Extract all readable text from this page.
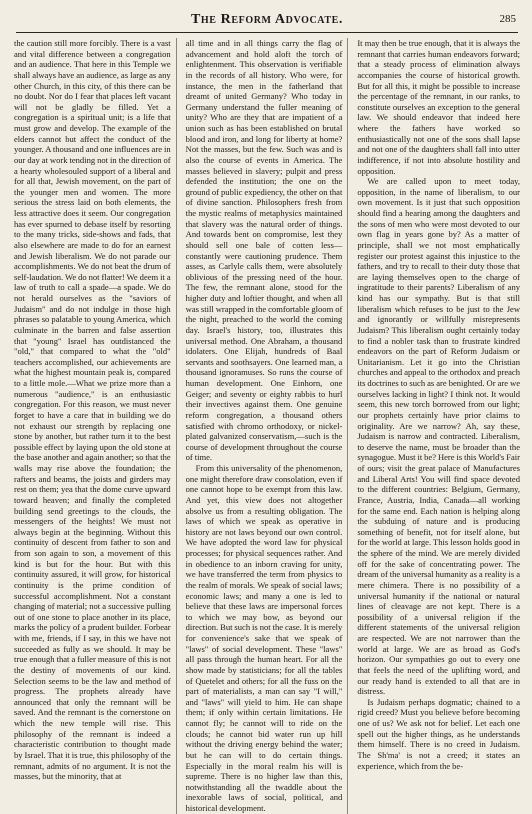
The Reform Advocate.	285

the caution still more forcibly. There is a vast and vital difference between a congregation and an audience. That here in this Temple we shall always have an audience, as large as any other Church, in this city, of this there can be no doubt. Nor do I fear that places left vacant will not be gladly be filled. Yet a congregation is a spiritual unit; is a life that must grow and develop. The example of the elders cannot but affect the conduct of the younger. A thousand and one influences are in our day at work tending not in the direction of a hearty wholesouled support of a liberal and for all that, Jewish movement, on the part of the younger men and women. The more serious the stress laid on both elements, the less attractive does it seem. Our congregation has ever spurned to debase itself by resorting to the many tricks, side-shows and fads, that also elsewhere are made to do for an earnest and Jewish liberalism. We do not parade our accomplishments. We do not beat the drum of self-laudation. We do not flatter! We deem it a law of truth to call a spade—a spade. We do not herald ourselves as the "saviors of Judaism" and do not indulge in those high phrases so palatable to young America, which culminate in the barren and false assertion that "young" Israel has outdistanced the "old," that compared to what the "old" teachers accomplished, our achievements are what the highest mountain peak is, compared to a little mole.—What we prize more than a numerous "audience," is an enthusiastic congregation. For this reason, we must never forget to have a care that in building we do not exhaust our strength by replacing one stone by another, but rather turn it to the best possible effect by laying upon the old stone at the base another and again another; so that the walls may rise above the foundation; the rafters and beams, the joists and girders may rest on them; yea that the dome curve upward toward heaven; and finally the completed building send greetings to the clouds, the messengers of the heights! We must not always begin at the beginning. Without this continuity of descent from father to son and from son again to son, a movement of this kind is but for the hour. But with this continuity assured, it will grow, for historical continuity is the prime condition of successful accomplishment. Not a constant changing of material; not a successive pulling out of one stone to place another in its place, marks the policy of a prudent builder. Forbear with me, friends, if I say, in this we have not succeeded as fully as we should. It may be true enough that a fuller measure of this is not the destiny of movements of our kind. Selection seems to be the law and method of progress. The prophets already have announced that only the remnant will be saved. And the remnant is the cornerstone on which the new temple will rise. This philosophy of the remnant is indeed a characteristic contribution to thought made by Israel. That it is true, this philosophy of the remnant, admits of no argument. It is not the masses, but the minority, that at

all time and in all things carry the flag of advancement and hold aloft the torch of enlightenment. This observation is verifiable in the records of all history. Who were, for instance, the men in the fatherland that dreamt of united Germany? Who today in Germany understand the fuller meaning of unity? Who are they that are impatient of a union such as has been established on brutal blood and iron, and long for liberty at home? Not the masses, but the few. Such was and is also the course of events in America. The masses believed in slavery; pulpit and press defended the institution; the one on the ground of public expediency, the other on that of divine sanction. Philosophers fresh from the mystic realms of metaphysics maintained that slavery was the natural order of things. And towards bent on compromise, lest they should sell one bale of cotten less—constantly were cautioning prudence. Them asses, as Carlyle calls them, were absolutely oblivious of the pressing need of the hour. The few, the remnant alone, stood for the higher duty and loftier thought, and when all was still wrapped in the comfortable gloom of the night, preached to the world the coming day. Israel's history, too, illustrates this universal method. One Abraham, a thousand idolaters. One Elijah, hundreds of Baal servants and soothsayers. One learned man, a thousand ignoramuses. So runs the course of human development. One Einhorn, one Geiger; and seventy or eighty rabbis to hurl their invectives against them. One genuine reform congregation, a thousand others satisfied with chromo orthodoxy, or nickel-plated galvanized conservatism,—such is the course of development throughout the course of time.

From this universality of the phenomenon, one might therefore draw consolation, even if one cannot hope to be exempt from this law. And yet, this view does not altogether absolve us from a resulting obligation. The laws of which we speak as operative in history are not laws beyond our own control. We have adopted the word law for physical processes; for physical sequences rather. And in obedience to an inborn craving for unity, we have transferred the term from physics to the realm of morals. We speak of social laws; economic laws; and many a one is led to believe that these laws are impersonal forces to which we may bow, as beyond our direction. But such is not the case. It is merely for convenience's sake that we speak of "laws" of social development. These "laws" all pass through the human heart. For all the show made by statisticians; for all the tables of Quetelet and others; for all the fuss on the part of materialists, a man can say "I will," and "laws" will yield to him. He can shape them; if only within certain limitations. He cannot fly; he cannot will to ride on the clouds; he cannot bid water run up hill without the driving energy behind the water; but he can will to do certain things. Especially in the moral realm his will is supreme. There is no higher law than this, notwithstanding all the twaddle about the inexorable laws of social, political, and historical development.

It may then be true enough, that it is always the remnant that carries human endeavors forward; that a steady process of elimination always accompanies the course of historical growth. But for all this, it might be possible to increase the percentage of the remnant, in our ranks, to constitute ourselves an exception to the general law. We should endeavor that indeed here where the fathers have worked so enthusiastically not one of the sons shall lapse and not one of the daughters shall fall into utter indifference, if not into absolute hostility and opposition.

We are called upon to meet today, opposition, in the name of liberalism, to our own movement. Is it just that such opposition should find a hearing among the daughters and the sons of men who were most devoted to our own flag in years gone by? As a matter of principle, shall we not most emphatically register our protest against this injustice to the fathers, and try to recall to their duty those that are laying themselves open to the charge of ingratitude to their parents? Liberalism of any kind has our sympathy. But is that still liberalism which refuses to be just to the Jew and ignorantly or willfully misrepresents Judaism? This liberalism ought certainly today to find a nobler task than to frustrate kindred endeavors on the part of Reform Judaism or Unitarianism. Let it go into the Christian churches and appeal to the orthodox and preach its doctrines to such as are benighted. Or are we ourselves lacking in light? I think not. It would seem, this new torch borrowed from our light; our prophets certainly have prior claims to originality. Are we narrow? Ah, say these, Judaism is narrow and contracted. Liberalism, to deserve the name, must be broader than the synagogue. Must it be? Here is this World's Fair of ours; visit the great palace of Manufactures and Liberal Arts! You will find space devoted to the different countries: Belgium, Germany, France, Austria, India, Canada—all working for the same end. Each nation is helping along the subduing of nature and is producing something of benefit, not for itself alone, but for the world at large. This lesson holds good in the sphere of the mind. We are merely divided off for the sake of concentrating power. The dream of the universal humanity as a reality is a mere chimera. There is no possibility of a universal humanity if the national or natural lines of cleavage are not kept. There is a possibility of a universal religion if the different statements of the universal religion are respected. We are not narrower than the world at large. We are as broad as God's horizon. Our sympathies go out to every one that feels the need of the uplifting word, and our ready hand is extended to all that are in distress.

Is Judaism perhaps dogmatic; chained to a rigid creed? Must you believe before becoming one of us? We ask not for belief. Let each one spell out the higher things, as he understands them himself. There is no creed in Judaism. The Sh'ma' is not a creed; it states an experience, which from the be-
